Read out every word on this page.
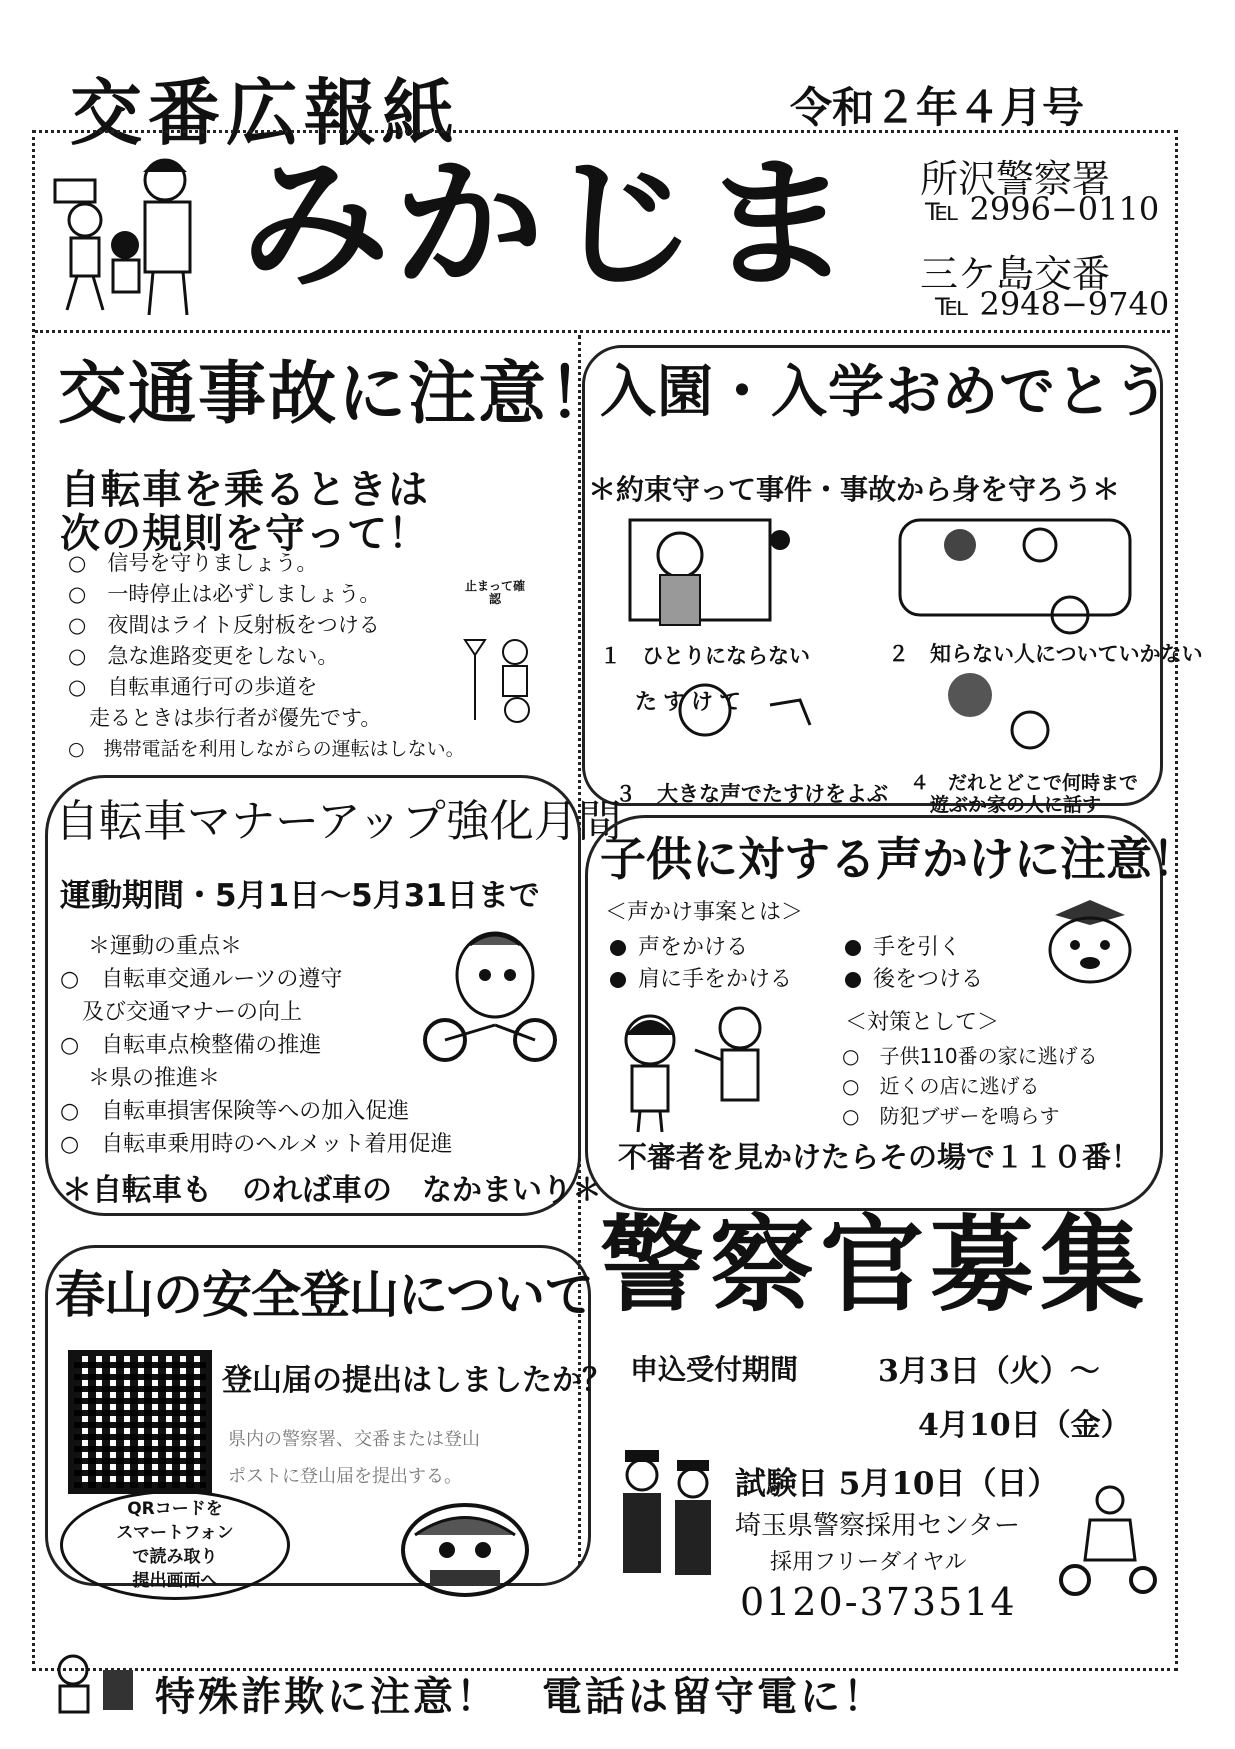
交番広報紙	令和２年４月号
みかじま 所沢警察署
℡ 2996−0110
三ケ島交番
℡ 2948−9740
交通事故に注意！
自転車を乗るときは
次の規則を守って！
○　信号を守りましょう。
○　一時停止は必ずしましょう。
○　夜間はライト反射板をつける
○　急な進路変更をしない。
○　自転車通行可の歩道を
　走るときは歩行者が優先です。
○　携帯電話を利用しながらの運転はしない。
止まって確認
入園・入学おめでとう
＊約束守って事件・事故から身を守ろう＊
たすけて
１　ひとりにならない	２　知らない人についていかない
３　大きな声でたすけをよぶ ４　だれとどこで何時まで
遊ぶか家の人に話す
自転車マナーアップ強化月間
運動期間・5月1日〜5月31日まで
＊運動の重点＊
○　自転車交通ルーツの遵守
　及び交通マナーの向上
○　自転車点検整備の推進
＊県の推進＊
○　自転車損害保険等への加入促進
○　自転車乗用時のヘルメット着用促進
＊自転車も　のれば車の　なかまいり＊
子供に対する声かけに注意！
＜声かけ事案とは＞
声をかける	手を引く
肩に手をかける	後をつける
＜対策として＞
○　子供110番の家に逃げる
○　近くの店に逃げる
○　防犯ブザーを鳴らす
不審者を見かけたらその場で１１０番！
春山の安全登山について
登山届の提出はしましたか？
県内の警察署、交番または登山
ポストに登山届を提出する。
QRコードを
スマートフォン
で読み取り
提出画面へ
警察官募集
申込受付期間	3月3日（火）〜
4月10日（金）
試験日 5月10日（日）
埼玉県警察採用センター
採用フリーダイヤル
0120-373514
特殊詐欺に注意！　電話は留守電に！
